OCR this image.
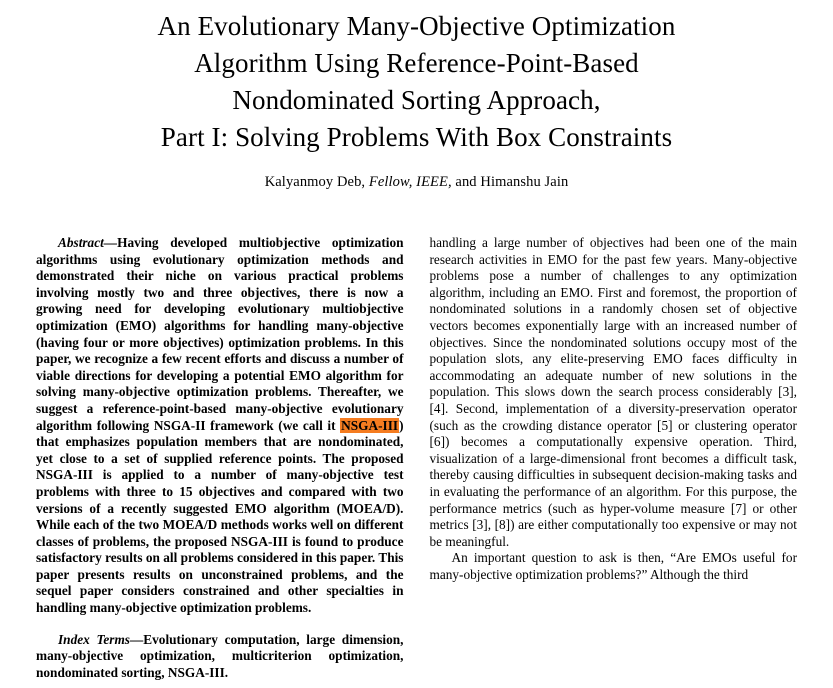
An Evolutionary Many-Objective Optimization
Algorithm Using Reference-Point-Based
Nondominated Sorting Approach,
Part I: Solving Problems With Box Constraints
Kalyanmoy Deb, Fellow, IEEE, and Himanshu Jain

Abstract—Having developed multiobjective optimization algorithms using evolutionary optimization methods and demonstrated their niche on various practical problems involving mostly two and three objectives, there is now a growing need for developing evolutionary multiobjective optimization (EMO) algorithms for handling many-objective (having four or more objectives) optimization problems. In this paper, we recognize a few recent efforts and discuss a number of viable directions for developing a potential EMO algorithm for solving many-objective optimization problems. Thereafter, we suggest a reference-point-based many-objective evolutionary algorithm following NSGA-II framework (we call it NSGA-III) that emphasizes population members that are nondominated, yet close to a set of supplied reference points. The proposed NSGA-III is applied to a number of many-objective test problems with three to 15 objectives and compared with two versions of a recently suggested EMO algorithm (MOEA/D). While each of the two MOEA/D methods works well on different classes of problems, the proposed NSGA-III is found to produce satisfactory results on all problems considered in this paper. This paper presents results on unconstrained problems, and the sequel paper considers constrained and other specialties in handling many-objective optimization problems.

Index Terms—Evolutionary computation, large dimension, many-objective optimization, multicriterion optimization, nondominated sorting, NSGA-III.

handling a large number of objectives had been one of the main research activities in EMO for the past few years. Many-objective problems pose a number of challenges to any optimization algorithm, including an EMO. First and foremost, the proportion of nondominated solutions in a randomly chosen set of objective vectors becomes exponentially large with an increased number of objectives. Since the nondominated solutions occupy most of the population slots, any elite-preserving EMO faces difficulty in accommodating an adequate number of new solutions in the population. This slows down the search process considerably [3], [4]. Second, implementation of a diversity-preservation operator (such as the crowding distance operator [5] or clustering operator [6]) becomes a computationally expensive operation. Third, visualization of a large-dimensional front becomes a difficult task, thereby causing difficulties in subsequent decision-making tasks and in evaluating the performance of an algorithm. For this purpose, the performance metrics (such as hyper-volume measure [7] or other metrics [3], [8]) are either computationally too expensive or may not be meaningful.

An important question to ask is then, “Are EMOs useful for many-objective optimization problems?” Although the third
